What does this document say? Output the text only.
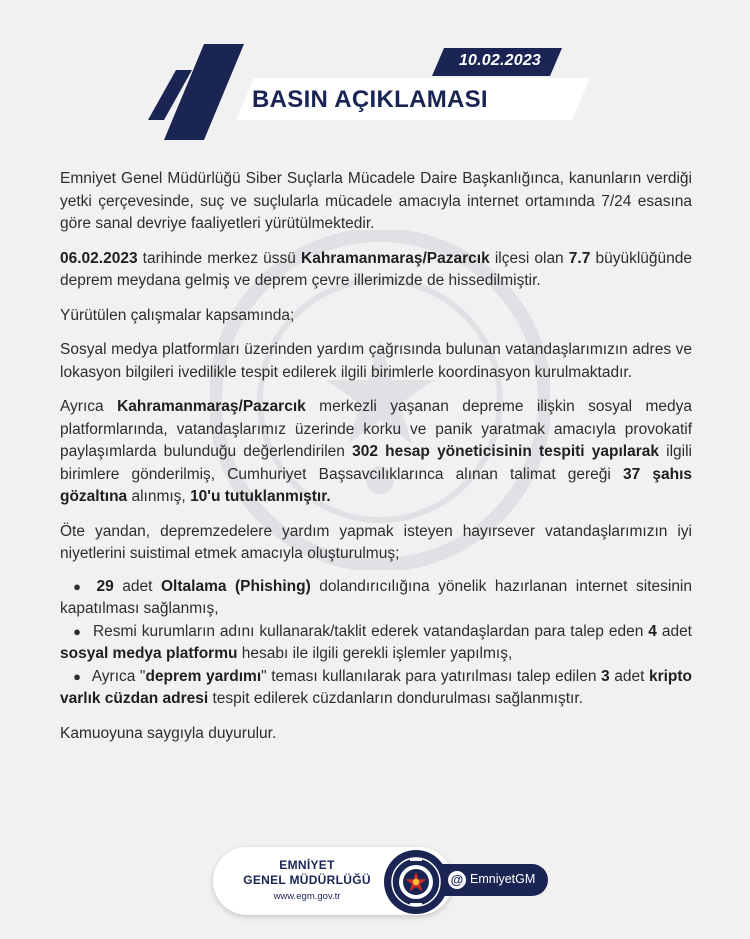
10.02.2023
BASIN AÇIKLAMASI

Emniyet Genel Müdürlüğü Siber Suçlarla Mücadele Daire Başkanlığınca, kanunların verdiği yetki çerçevesinde, suç ve suçlularla mücadele amacıyla internet ortamında 7/24 esasına göre sanal devriye faaliyetleri yürütülmektedir.

06.02.2023 tarihinde merkez üssü Kahramanmaraş/Pazarcık ilçesi olan 7.7 büyüklüğünde deprem meydana gelmiş ve deprem çevre illerimizde de hissedilmiştir.

Yürütülen çalışmalar kapsamında;

Sosyal medya platformları üzerinden yardım çağrısında bulunan vatandaşlarımızın adres ve lokasyon bilgileri ivedilikle tespit edilerek ilgili birimlerle koordinasyon kurulmaktadır.

Ayrıca Kahramanmaraş/Pazarcık merkezli yaşanan depreme ilişkin sosyal medya platformlarında, vatandaşlarımız üzerinde korku ve panik yaratmak amacıyla provokatif paylaşımlarda bulunduğu değerlendirilen 302 hesap yöneticisinin tespiti yapılarak ilgili birimlere gönderilmiş, Cumhuriyet Başsavcılıklarınca alınan talimat gereği 37 şahıs gözaltına alınmış, 10'u tutuklanmıştır.

Öte yandan, depremzedelere yardım yapmak isteyen hayırsever vatandaşlarımızın iyi niyetlerini suistimal etmek amacıyla oluşturulmuş;

● 29 adet Oltalama (Phishing) dolandırıcılığına yönelik hazırlanan internet sitesinin kapatılması sağlanmış,
● Resmi kurumların adını kullanarak/taklit ederek vatandaşlardan para talep eden 4 adet sosyal medya platformu hesabı ile ilgili gerekli işlemler yapılmış,
● Ayrıca "deprem yardımı" teması kullanılarak para yatırılması talep edilen 3 adet kripto varlık cüzdan adresi tespit edilerek cüzdanların dondurulması sağlanmıştır.

Kamuoyuna saygıyla duyurulur.

EMNİYET
GENEL MÜDÜRLÜĞÜ
www.egm.gov.tr
@ EmniyetGM
